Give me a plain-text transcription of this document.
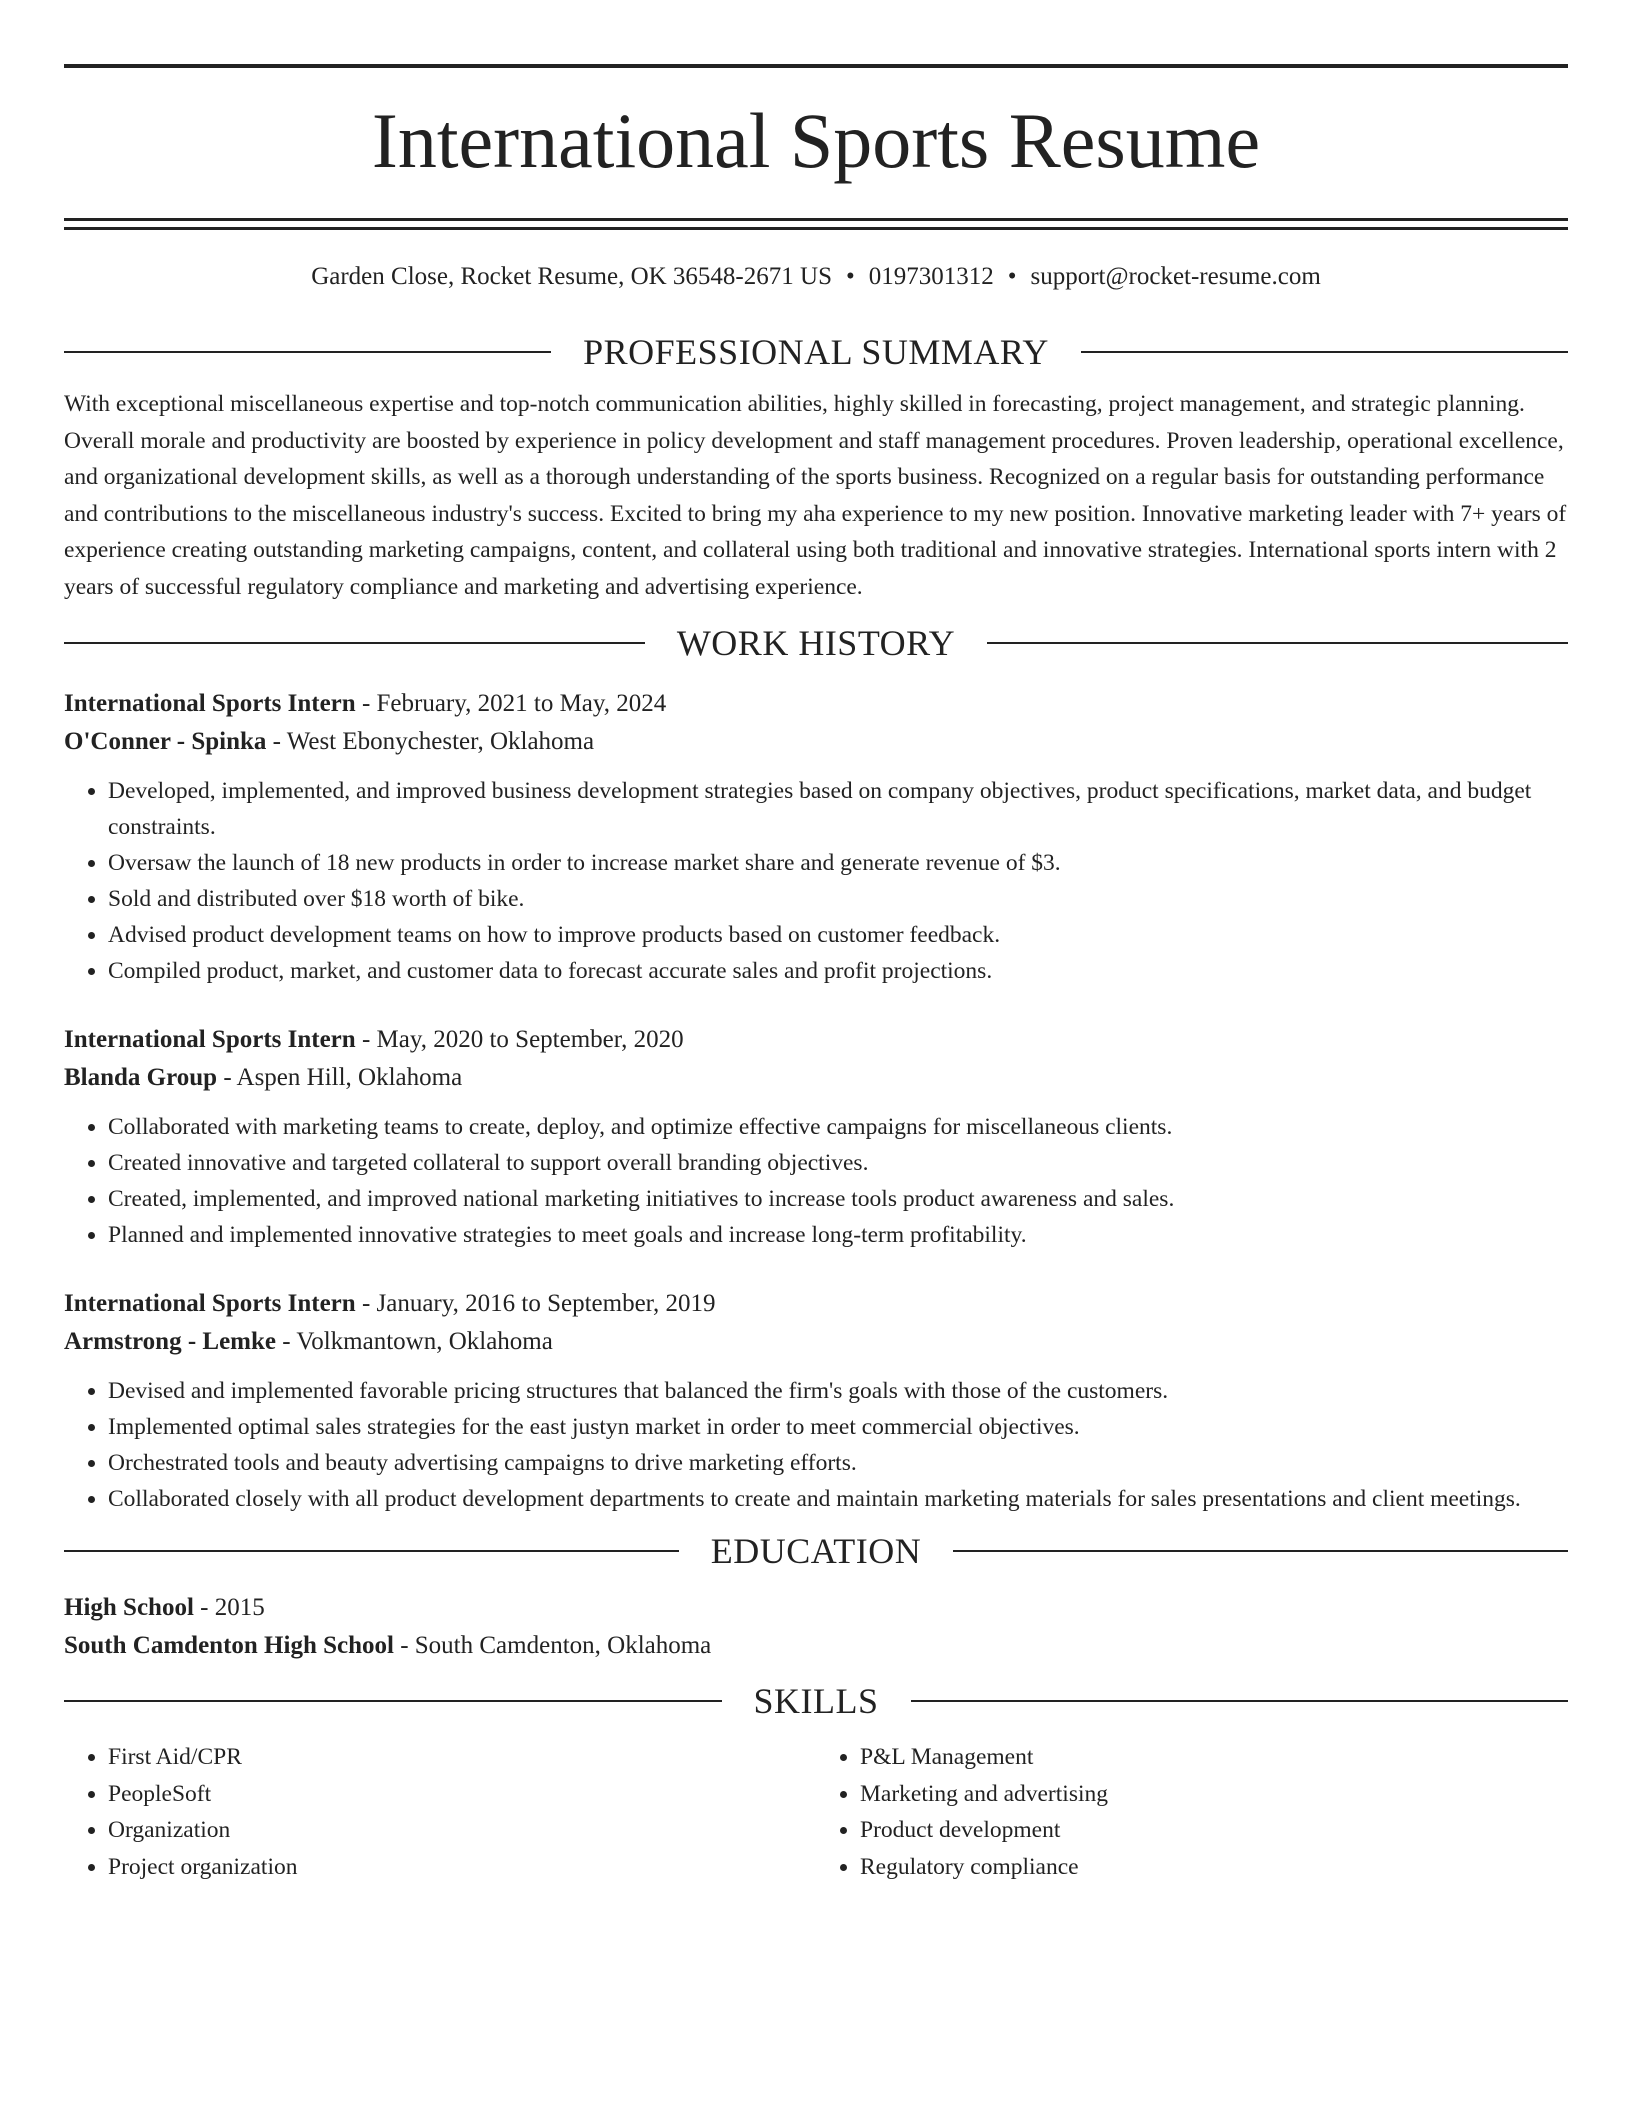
International Sports Resume
Garden Close, Rocket Resume, OK 36548-2671 US • 0197301312 • support@rocket-resume.com
PROFESSIONAL SUMMARY

With exceptional miscellaneous expertise and top-notch communication abilities, highly skilled in forecasting, project management, and strategic planning. Overall morale and productivity are boosted by experience in policy development and staff management procedures. Proven leadership, operational excellence, and organizational development skills, as well as a thorough understanding of the sports business. Recognized on a regular basis for outstanding performance and contributions to the miscellaneous industry's success. Excited to bring my aha experience to my new position. Innovative marketing leader with 7+ years of experience creating outstanding marketing campaigns, content, and collateral using both traditional and innovative strategies. International sports intern with 2 years of successful regulatory compliance and marketing and advertising experience.

WORK HISTORY
International Sports Intern - February, 2021 to May, 2024
O'Conner - Spinka - West Ebonychester, Oklahoma
• Developed, implemented, and improved business development strategies based on company objectives, product specifications, market data, and budget constraints.
• Oversaw the launch of 18 new products in order to increase market share and generate revenue of $3.
• Sold and distributed over $18 worth of bike.
• Advised product development teams on how to improve products based on customer feedback.
• Compiled product, market, and customer data to forecast accurate sales and profit projections.
International Sports Intern - May, 2020 to September, 2020
Blanda Group - Aspen Hill, Oklahoma
• Collaborated with marketing teams to create, deploy, and optimize effective campaigns for miscellaneous clients.
• Created innovative and targeted collateral to support overall branding objectives.
• Created, implemented, and improved national marketing initiatives to increase tools product awareness and sales.
• Planned and implemented innovative strategies to meet goals and increase long-term profitability.
International Sports Intern - January, 2016 to September, 2019
Armstrong - Lemke - Volkmantown, Oklahoma
• Devised and implemented favorable pricing structures that balanced the firm's goals with those of the customers.
• Implemented optimal sales strategies for the east justyn market in order to meet commercial objectives.
• Orchestrated tools and beauty advertising campaigns to drive marketing efforts.
• Collaborated closely with all product development departments to create and maintain marketing materials for sales presentations and client meetings.
EDUCATION
High School - 2015
South Camdenton High School - South Camdenton, Oklahoma
SKILLS
• First Aid/CPR
• PeopleSoft
• Organization
• Project organization
• P&L Management
• Marketing and advertising
• Product development
• Regulatory compliance
